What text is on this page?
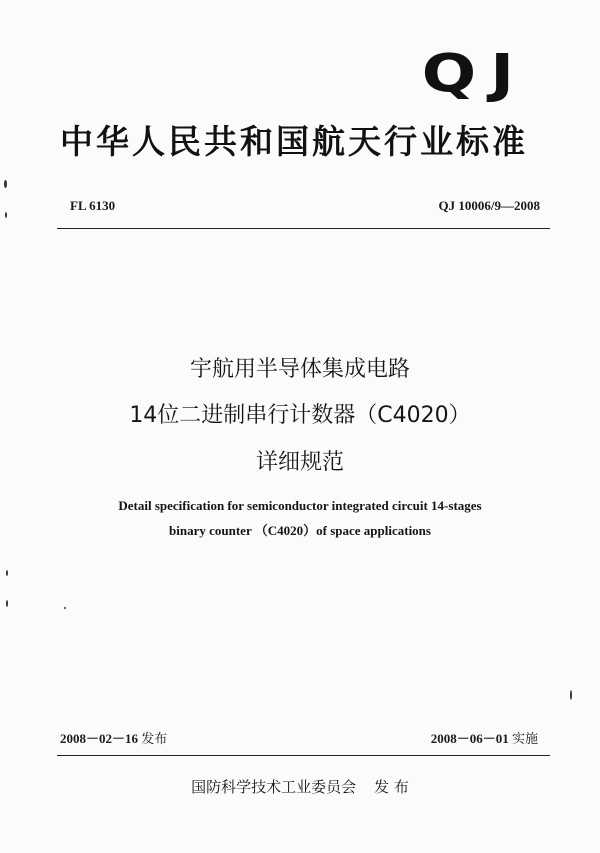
QJ
中华人民共和国航天行业标准
FL 6130	QJ 10006/9—2008
宇航用半导体集成电路
14位二进制串行计数器（C4020）
详细规范
Detail specification for semiconductor integrated circuit 14-stages
binary counter （C4020）of space applications
2008－02－16 发布	2008－06－01 实施
国防科学技术工业委员会 发 布
